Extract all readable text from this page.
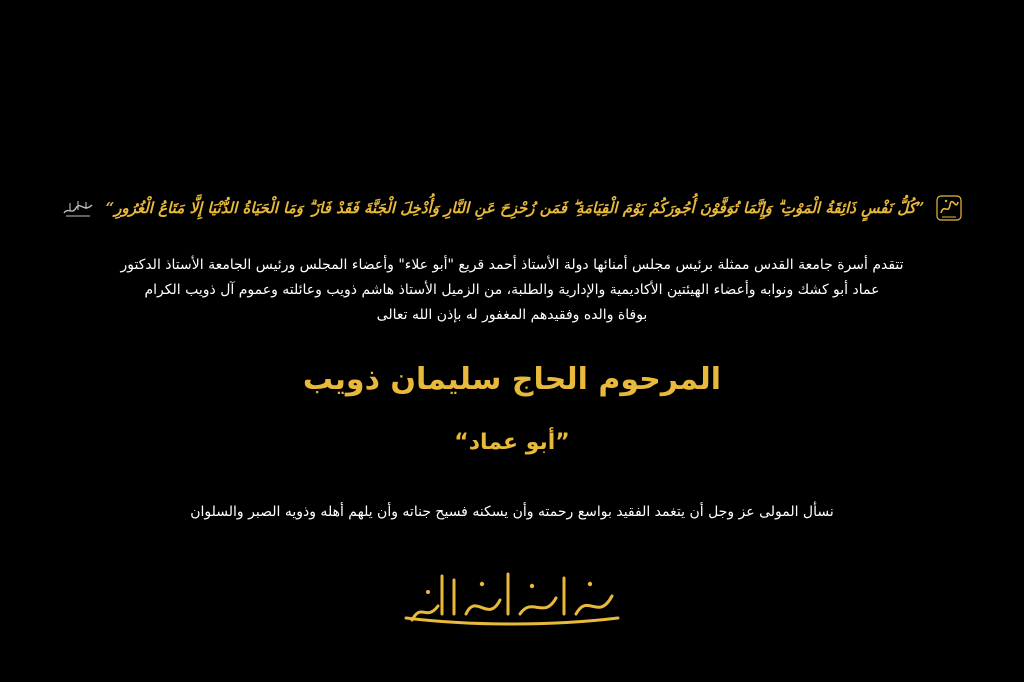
”كُلُّ نَفْسٍ ذَائِقَةُ الْمَوْتِ ۗ وَإِنَّمَا تُوَفَّوْنَ أُجُورَكُمْ يَوْمَ الْقِيَامَةِ ۖ فَمَن زُحْزِحَ عَنِ النَّارِ وَأُدْخِلَ الْجَنَّةَ فَقَدْ فَازَ ۗ وَمَا الْحَيَاةُ الدُّنْيَا إِلَّا مَتَاعُ الْغُرُورِ“
تتقدم أسرة جامعة القدس ممثلة برئيس مجلس أمنائها دولة الأستاذ أحمد قريع "أبو علاء" وأعضاء المجلس ورئيس الجامعة الأستاذ الدكتور
عماد أبو كشك ونوابه وأعضاء الهيئتين الأكاديمية والإدارية والطلبة، من الزميل الأستاذ هاشم ذويب وعائلته وعموم آل ذويب الكرام
بوفاة والده وفقيدهم المغفور له بإذن الله تعالى
المرحوم الحاج سليمان ذويب
”أبو عماد“
نسأل المولى عز وجل أن يتغمد الفقيد بواسع رحمته وأن يسكنه فسيح جناته وأن يلهم أهله وذويه الصبر والسلوان
